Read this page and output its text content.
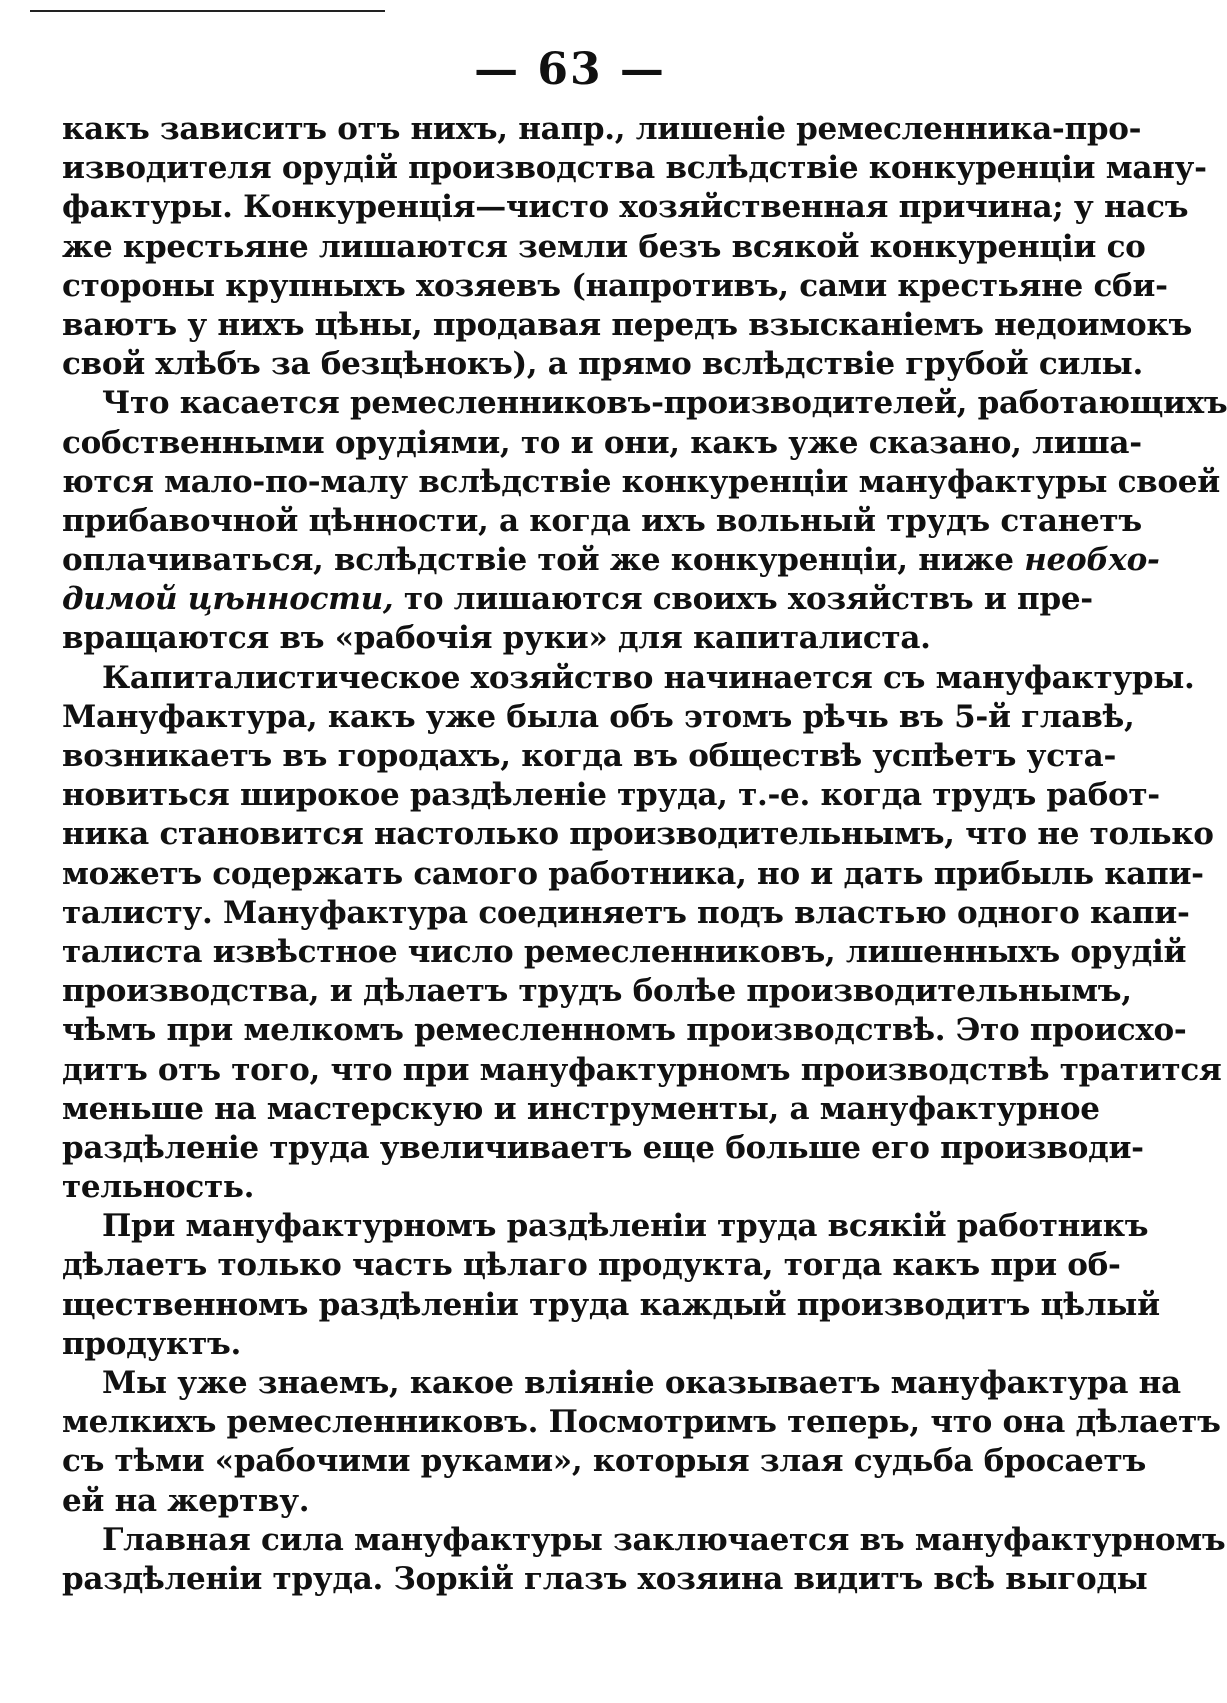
— 63 —
какъ зависитъ отъ нихъ, напр., лишеніе ремесленника-про-
изводителя орудій производства вслѣдствіе конкуренціи ману-
фактуры. Конкуренція—чисто хозяйственная причина; у насъ
же крестьяне лишаются земли безъ всякой конкуренціи со
стороны крупныхъ хозяевъ (напротивъ, сами крестьяне сби-
ваютъ у нихъ цѣны, продавая передъ взысканіемъ недоимокъ
свой хлѣбъ за безцѣнокъ), а прямо вслѣдствіе грубой силы.
Что касается ремесленниковъ-производителей, работающихъ
собственными орудіями, то и они, какъ уже сказано, лиша-
ются мало-по-малу вслѣдствіе конкуренціи мануфактуры своей
прибавочной цѣнности, а когда ихъ вольный трудъ станетъ
оплачиваться, вслѣдствіе той же конкуренціи, ниже необхо-
димой цѣнности, то лишаются своихъ хозяйствъ и пре-
вращаются въ «рабочія руки» для капиталиста.
Капиталистическое хозяйство начинается съ мануфактуры.
Мануфактура, какъ уже была объ этомъ рѣчь въ 5-й главѣ,
возникаетъ въ городахъ, когда въ обществѣ успѣетъ уста-
новиться широкое раздѣленіе труда, т.-е. когда трудъ работ-
ника становится настолько производительнымъ, что не только
можетъ содержать самого работника, но и дать прибыль капи-
талисту. Мануфактура соединяетъ подъ властью одного капи-
талиста извѣстное число ремесленниковъ, лишенныхъ орудій
производства, и дѣлаетъ трудъ болѣе производительнымъ,
чѣмъ при мелкомъ ремесленномъ производствѣ. Это происхо-
дитъ отъ того, что при мануфактурномъ производствѣ тратится
меньше на мастерскую и инструменты, а мануфактурное
раздѣленіе труда увеличиваетъ еще больше его производи-
тельность.
При мануфактурномъ раздѣленіи труда всякій работникъ
дѣлаетъ только часть цѣлаго продукта, тогда какъ при об-
щественномъ раздѣленіи труда каждый производитъ цѣлый
продуктъ.
Мы уже знаемъ, какое вліяніе оказываетъ мануфактура на
мелкихъ ремесленниковъ. Посмотримъ теперь, что она дѣлаетъ
съ тѣми «рабочими руками», которыя злая судьба бросаетъ
ей на жертву.
Главная сила мануфактуры заключается въ мануфактурномъ
раздѣленіи труда. Зоркій глазъ хозяина видитъ всѣ выгоды
